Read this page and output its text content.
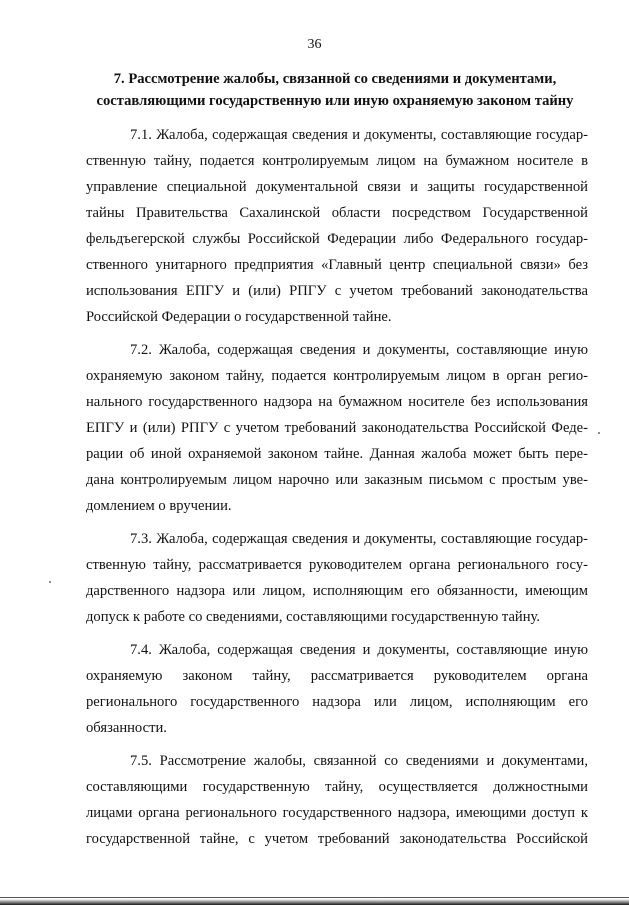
36
7. Рассмотрение жалобы, связанной со сведениями и документами,
составляющими государственную или иную охраняемую законом тайну
7.1. Жалоба, содержащая сведения и документы, составляющие государ-
ственную тайну, подается контролируемым лицом на бумажном носителе в
управление специальной документальной связи и защиты государственной
тайны Правительства Сахалинской области посредством Государственной
фельдъегерской службы Российской Федерации либо Федерального государ-
ственного унитарного предприятия «Главный центр специальной связи» без
использования ЕПГУ и (или) РПГУ с учетом требований законодательства
Российской Федерации о государственной тайне.
7.2. Жалоба, содержащая сведения и документы, составляющие иную
охраняемую законом тайну, подается контролируемым лицом в орган регио-
нального государственного надзора на бумажном носителе без использования
ЕПГУ и (или) РПГУ с учетом требований законодательства Российской Феде-
рации об иной охраняемой законом тайне. Данная жалоба может быть пере-
дана контролируемым лицом нарочно или заказным письмом с простым уве-
домлением о вручении.
7.3. Жалоба, содержащая сведения и документы, составляющие государ-
ственную тайну, рассматривается руководителем органа регионального госу-
дарственного надзора или лицом, исполняющим его обязанности, имеющим
допуск к работе со сведениями, составляющими государственную тайну.
7.4. Жалоба, содержащая сведения и документы, составляющие иную
охраняемую законом тайну, рассматривается руководителем органа
регионального государственного надзора или лицом, исполняющим его
обязанности.
7.5. Рассмотрение жалобы, связанной со сведениями и документами,
составляющими государственную тайну, осуществляется должностными
лицами органа регионального государственного надзора, имеющими доступ к
государственной тайне, с учетом требований законодательства Российской
